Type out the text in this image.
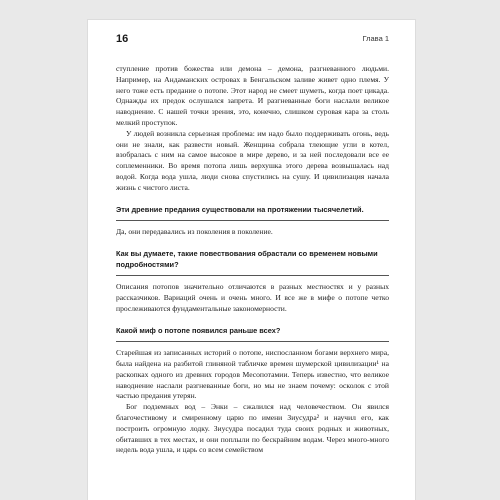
16	Глава 1

ступление против божества или демона – демона, разгневанного людьми. Например, на Андаманских островах в Бенгальском заливе живет одно племя. У него тоже есть предание о потопе. Этот народ не смеет шуметь, когда поет цикада. Однажды их предок ослушался запрета. И разгневанные боги наслали великое наводнение. С нашей точки зрения, это, конечно, слишком суровая кара за столь мелкий проступок.

У людей возникла серьезная проблема: им надо было поддерживать огонь, ведь они не знали, как развести новый. Женщина собрала тлеющие угли в котел, взобралась с ним на самое высокое в мире дерево, и за ней последовали все ее соплеменники. Во время потопа лишь верхушка этого дерева возвышалась над водой. Когда вода ушла, люди снова спустились на сушу. И цивилизация начала жизнь с чистого листа.

Эти древние предания существовали на протяжении тысячелетий.

Да, они передавались из поколения в поколение.

Как вы думаете, такие повествования обрастали со временем новыми подробностями?

Описания потопов значительно отличаются в разных местностях и у разных рассказчиков. Вариаций очень и очень много. И все же в мифе о потопе четко прослеживаются фундаментальные закономерности.

Какой миф о потопе появился раньше всех?

Старейшая из записанных историй о потопе, ниспосланном богами верхнего мира, была найдена на разбитой глиняной табличке времен шумерской цивилизации¹ на раскопках одного из древних городов Месопотамии. Теперь известно, что великое наводнение наслали разгневанные боги, но мы не знаем почему: осколок с этой частью предания утерян.

Бог подземных вод – Энки – сжалился над человечеством. Он явился благочестивому и смиренному царю по имени Зиусудра² и научил его, как построить огромную лодку. Зиусудра посадил туда своих родных и животных, обитавших в тех местах, и они поплыли по бескрайним водам. Через много-много недель вода ушла, и царь со всем семейством
